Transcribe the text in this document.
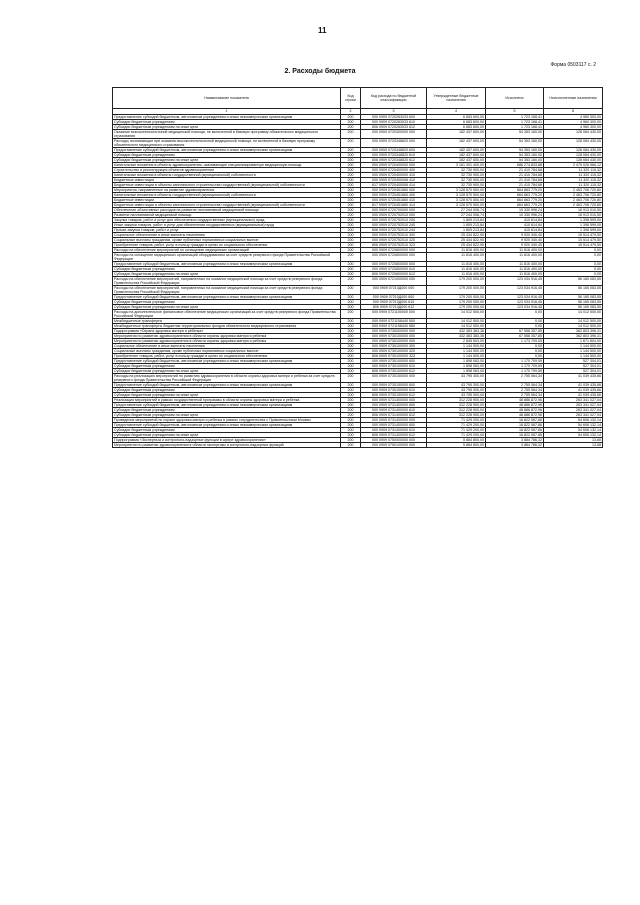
11
Форма 0503117 с. 2
2. Расходы бюджета
Наименование показателя	Код строки	Код расхода по бюджетной классификации	Утвержденные бюджетные назначения	Исполнено	Неисполненные назначения
1	2	3	4	5	6
Предоставление субсидий бюджетным, автономным учреждениям и иным некоммерческим организациям	200	000 0909 0720263033 600	6 683 600,00	1 723 168,41	4 960 300,00
Субсидии бюджетным учреждениям	200	000 0909 0720263033 610	6 683 600,00	1 723 168,41	4 960 300,00
Субсидии бюджетным учреждениям на иные цели	200	806 0909 0720263033 612	6 683 600,00	1 723 168,41	4 960 300,00
Оказание высокотехнологичной медицинской помощи, не включенной в базовую программу обязательного медицинского страхования	200	000 0909 0720300000 000	182 437 600,00	54 353 160,00	128 084 430,00
Расходы, возникающие при оказании высокотехнологичной медицинской помощи, не включенной в базовую программу обязательного медицинского страхования	200	000 0909 0720348820 000	182 437 600,00	54 353 160,00	128 084 430,00
Предоставление субсидий бюджетным, автономным учреждениям и иным некоммерческим организациям	200	000 0909 0720348820 600	182 437 600,00	54 353 160,00	128 084 430,00
Субсидии бюджетным учреждениям	200	000 0909 0720348820 610	182 437 600,00	54 353 160,00	128 084 430,00
Субсидии бюджетным учреждениям на иные цели	200	806 0909 0720348820 612	182 437 600,00	54 353 160,00	128 084 430,00
Капитальные вложения в объекты здравоохранения, оказывающие специализированную медицинскую помощь	200	000 0909 0720400000 000	3 161 301 400,00	686 274 833,88	2 475 026 566,12
Строительство и реконструкция объектов здравоохранения	200	000 0909 0720400000 400	32 730 900,00	21 410 784,68	11 320 115,32
Капитальные вложения в объекты государственной (муниципальной) собственности	200	000 0909 0720400000 410	32 730 900,00	21 410 784,68	11 320 115,32
Бюджетные инвестиции	200	000 0909 0720400006 410	32 730 900,00	21 410 784,68	11 320 115,32
Бюджетные инвестиции в объекты капитального строительства государственной (муниципальной) собственности	200	817 0909 0720400006 414	32 730 900,00	21 410 784,68	11 320 115,32
Мероприятия, направленные на развитие здравоохранения	200	000 0909 0720451660 000	3 128 570 500,00	664 863 779,20	2 463 706 720,80
Капитальные вложения в объекты государственной (муниципальной) собственности	200	000 0909 0720451660 400	3 128 570 500,00	664 863 779,20	2 463 706 720,80
Бюджетные инвестиции	200	000 0909 0720451660 410	3 128 570 500,00	664 863 779,20	2 463 706 720,80
Бюджетные инвестиции в объекты капитального строительства государственной (муниципальной) собственности	200	817 0909 0720451660 414	3 128 570 500,00	664 863 779,20	2 463 706 720,80
Обеспечение объективных расходов на развитие паллиативной медицинской помощи	200	000 0909 0720700000 000	27 244 006,74	10 330 996,24	16 913 010,50
Развитие паллиативной медицинской помощи	200	000 0909 0720752010 000	27 244 006,74	10 330 996,24	16 913 010,50
Закупка товаров, работ и услуг для обеспечения государственных (муниципальных) нужд	200	000 0909 0720752010 200	1 809 213,84	410 614,84	1 398 599,00
Иные закупки товаров, работ и услуг для обеспечения государственных (муниципальных) нужд	200	000 0909 0720752010 240	1 809 213,84	410 614,84	1 398 599,00
Прочая закупка товаров, работ и услуг	200	806 0909 0720752010 244	1 809 213,84	410 614,84	1 398 599,00
Социальное обеспечение и иные выплаты населению	200	000 0909 0720752010 300	25 434 822,90	9 920 340,40	15 514 479,50
Социальные выплаты гражданам, кроме публичных нормативных социальных выплат	200	000 0909 0720752010 320	25 434 822,90	9 920 340,40	15 514 479,50
Приобретение товаров, работ, услуг в пользу граждан в целях их социального обеспечения	200	806 0909 0720752010 323	25 434 822,90	9 920 340,40	15 514 479,50
Расходы на обеспечение мероприятий по оснащению медицинских организаций	200	000 0909 0720800000 000	11 816 400,00	11 816 400,00	0,00
Расходы на оснащение медицинских организаций оборудованием за счет средств резервного фонда Правительства Российской Федерации	200	000 0909 0720800000 000	11 816 400,00	11 816 400,00	0,00
Предоставление субсидий бюджетным, автономным учреждениям и иным некоммерческим организациям	200	000 0909 0720800000 600	11 816 400,00	11 816 400,00	0,00
Субсидии бюджетным учреждениям	200	000 0909 0720800000 610	11 816 400,00	11 816 400,00	0,00
Субсидии бюджетным учреждениям на иные цели	200	806 0909 0720800000 612	11 816 400,00	11 816 400,00	0,00
Расходы на обеспечение мероприятий, направленных на оказание медицинской помощи за счет средств резервного фонда Правительства Российской Федерации	200	000 0909 0721000000 000	179 200 000,00	123 034 916,45	56 165 083,55
Расходы на обеспечение мероприятий, направленных на оказание медицинской помощи за счет средств резервного фонда Правительства Российской Федерации	200	000 0909 07210Д000 000	179 200 000,00	123 034 916,45	56 165 083,55
Предоставление субсидий бюджетным, автономным учреждениям и иным некоммерческим организациям	200	000 0909 07210Д000 600	179 200 000,00	123 034 916,45	56 165 083,55
Субсидии бюджетным учреждениям	200	000 0909 07210Д000 610	179 200 000,00	123 034 916,45	56 165 083,55
Субсидии бюджетным учреждениям на иные цели	200	806 0909 07210Д000 612	179 200 000,00	123 034 916,45	56 165 083,55
Расходы на дополнительное финансовое обеспечение медицинских организаций за счет средств резервного фонда Правительства Российской Федерации	200	000 0909 0721100000 000	14 012 500,00	0,00	14 012 500,00
Межбюджетные трансферты	200	000 0909 0721158440 500	14 012 500,00	0,00	14 012 500,00
Межбюджетные трансферты бюджетам территориальных фондов обязательного медицинского страхования	200	000 0909 0721158440 580	14 012 500,00	0,00	14 012 500,00
Подпрограмма «Охрана здоровья матери и ребенка»	200	000 0909 0730000000 000	432 383 383,36	67 558 357,85	362 803 396,31
Мероприятия по развитию здравоохранения в области охраны здоровья матери и ребенка	200	000 0909 0730100000 000	432 383 383,36	67 558 357,85	362 803 396,31
Мероприятия по развитию здравоохранения в области охраны здоровья матери и ребенка	200	000 0909 0730100000 000	2 845 503,00	1 173 709,00	1 671 804,00
Социальное обеспечение и иные выплаты населению	200	000 0909 0730100000 300	1 144 500,00	0,00	1 144 500,00
Социальные выплаты гражданам, кроме публичных нормативных социальных выплат	200	000 0909 0730100000 320	1 144 500,00	0,00	1 144 500,00
Приобретение товаров, работ, услуг в пользу граждан в целях их социального обеспечения	200	806 0909 0730100000 323	1 144 500,00	0,00	1 144 500,00
Предоставление субсидий бюджетным, автономным учреждениям и иным некоммерческим организациям	200	000 0909 0730100000 600	1 898 063,00	1 170 709,59	527 304,01
Субсидии бюджетным учреждениям	200	000 0909 0730100000 610	1 898 063,00	1 170 709,59	527 304,01
Субсидии бюджетным учреждениям на иные цели	200	806 0909 0730100000 612	1 898 063,00	1 170 709,59	527 304,01
Расходы на реализацию мероприятий по развитию здравоохранения в области охраны здоровья матери и ребенка за счет средств резервного фонда Правительства Российской Федерации	200	000 0909 0730150000 000	43 795 300,00	2 755 564,34	41 039 435,66
Предоставление субсидий бюджетным, автономным учреждениям и иным некоммерческим организациям	200	000 0909 0730150000 600	43 795 300,00	2 755 564,34	41 039 435,66
Субсидии бюджетным учреждениям	200	000 0909 0730150000 610	43 795 300,00	2 755 564,34	41 039 435,66
Субсидии бюджетным учреждениям на иные цели	200	806 0909 0730150000 612	43 795 300,00	2 755 564,34	41 039 435,66
Реализация мероприятий в рамках государственной программы в области охраны здоровья матери и ребенка	200	000 0909 0731400000 000	312 228 900,00	48 886 872,96	263 341 027,04
Предоставление субсидий бюджетным, автономным учреждениям и иным некоммерческим организациям	200	000 0909 0731400000 600	312 228 900,00	48 886 872,96	263 341 027,04
Субсидии бюджетным учреждениям	200	000 0909 0731400000 610	312 228 900,00	48 886 872,96	263 341 027,04
Субсидии бюджетным учреждениям на иные цели	200	806 0909 0731400000 612	312 228 900,00	48 886 872,96	263 341 027,04
Проведение мероприятий по охране здоровья матери и ребенка в рамках сотрудничества с Правительством Москвы	200	000 0909 0731400000 000	71 429 200,00	16 822 067,86	54 606 132,14
Предоставление субсидий бюджетным, автономным учреждениям и иным некоммерческим организациям	200	000 0909 0731400000 600	71 429 200,00	16 822 067,86	54 606 132,14
Субсидии бюджетным учреждениям	200	000 0909 0731400000 610	71 429 200,00	16 822 067,86	54 606 132,14
Субсидии бюджетным учреждениям на иные цели	200	806 0909 0731400000 612	71 429 200,00	16 822 067,86	54 606 132,14
Подпрограмма «Экспертиза и контрольно-надзорные функции в сфере здравоохранения»	200	000 0909 0750000000 000	5 884 800,00	3 884 786,32	13,68
Мероприятия по развитию здравоохранения в области экспертизы и контрольно-надзорных функций	200	000 0909 0750100000 000	5 884 800,00	3 884 786,32	13,68
